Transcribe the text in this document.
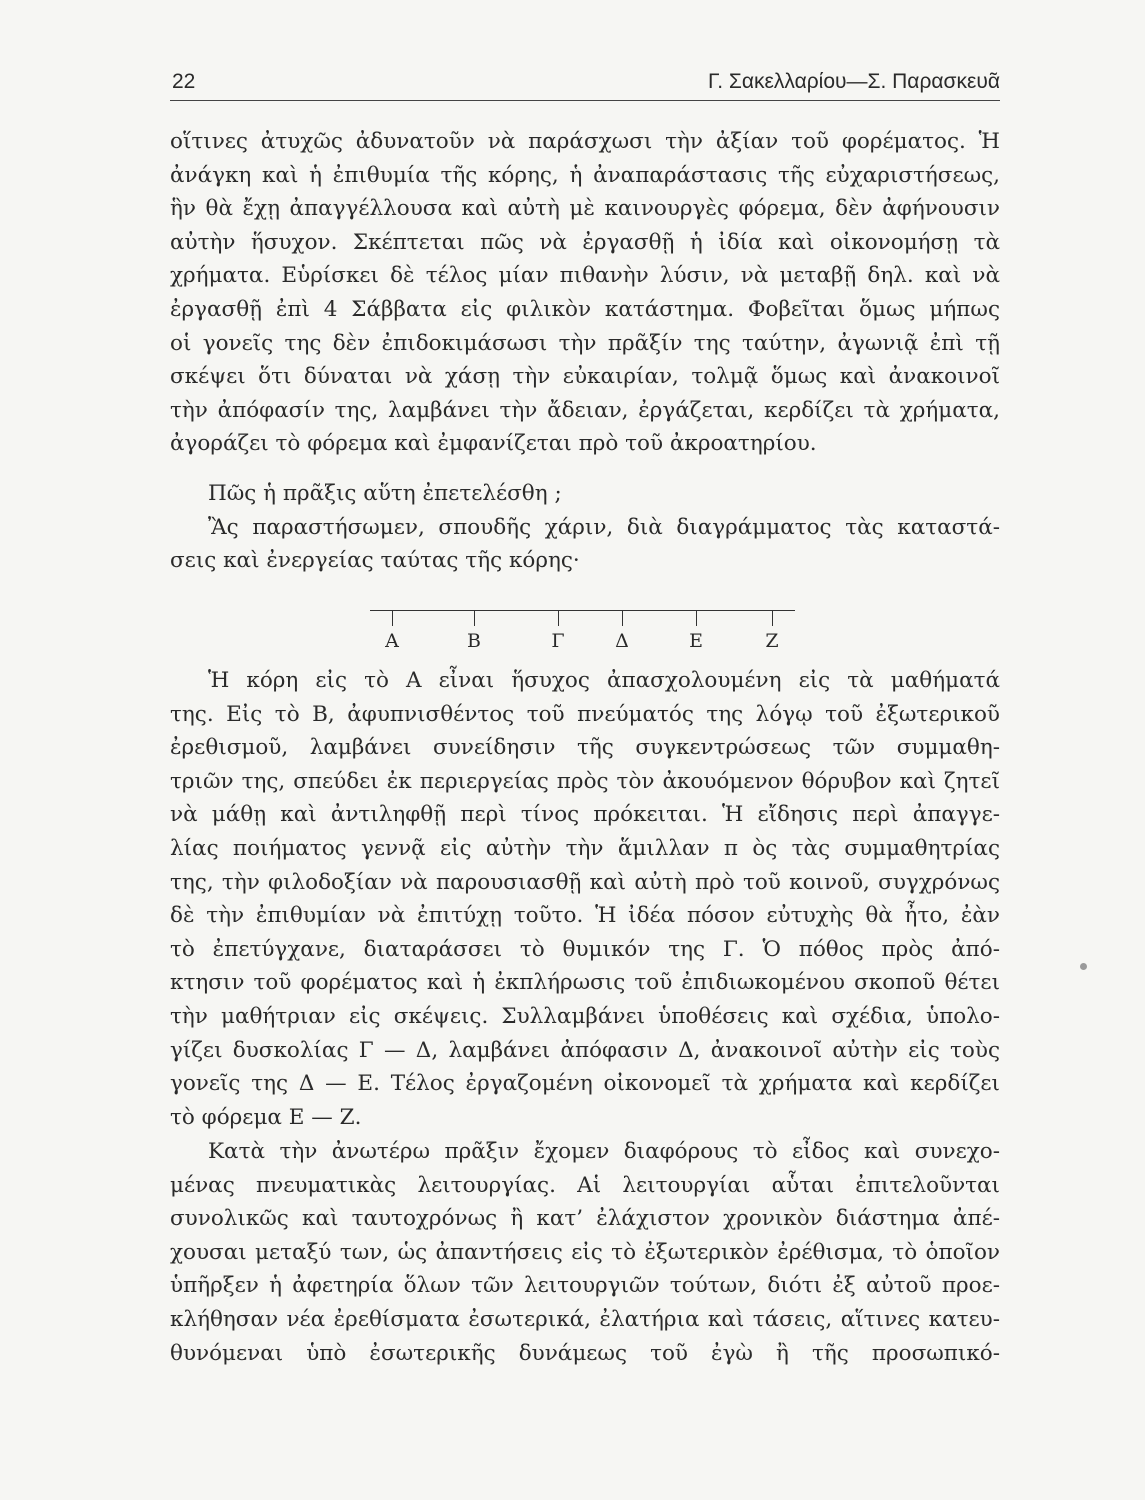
22	Γ. Σακελλαρίου—Σ. Παρασκευᾶ
οἵτινες ἀτυχῶς ἀδυνατοῦν νὰ παράσχωσι τὴν ἀξίαν τοῦ φορέματος. Ἡ
ἀνάγκη καὶ ἡ ἐπιθυμία τῆς κόρης, ἡ ἀναπαράστασις τῆς εὐχαριστήσεως,
ἣν θὰ ἔχῃ ἀπαγγέλλουσα καὶ αὐτὴ μὲ καινουργὲς φόρεμα, δὲν ἀφήνουσιν
αὐτὴν ἥσυχον. Σκέπτεται πῶς νὰ ἐργασθῇ ἡ ἰδία καὶ οἰκονομήσῃ τὰ
χρήματα. Εὑρίσκει δὲ τέλος μίαν πιθανὴν λύσιν, νὰ μεταβῇ δηλ. καὶ νὰ
ἐργασθῇ ἐπὶ 4 Σάββατα εἰς φιλικὸν κατάστημα. Φοβεῖται ὅμως μήπως
οἱ γονεῖς της δὲν ἐπιδοκιμάσωσι τὴν πρᾶξίν της ταύτην, ἀγωνιᾷ ἐπὶ τῇ
σκέψει ὅτι δύναται νὰ χάσῃ τὴν εὐκαιρίαν, τολμᾷ ὅμως καὶ ἀνακοινοῖ
τὴν ἀπόφασίν της, λαμβάνει τὴν ἄδειαν, ἐργάζεται, κερδίζει τὰ χρήματα,
ἀγοράζει τὸ φόρεμα καὶ ἐμφανίζεται πρὸ τοῦ ἀκροατηρίου.
Πῶς ἡ πρᾶξις αὕτη ἐπετελέσθη ;
Ἂς παραστήσωμεν, σπουδῆς χάριν, διὰ διαγράμματος τὰς καταστά-
σεις καὶ ἐνεργείας ταύτας τῆς κόρης·
Α	Β	Γ	Δ	Ε	Ζ
Ἡ κόρη εἰς τὸ Α εἶναι ἥσυχος ἀπασχολουμένη εἰς τὰ μαθήματά
της. Εἰς τὸ Β, ἀφυπνισθέντος τοῦ πνεύματός της λόγῳ τοῦ ἐξωτερικοῦ
ἐρεθισμοῦ, λαμβάνει συνείδησιν τῆς συγκεντρώσεως τῶν συμμαθη-
τριῶν της, σπεύδει ἐκ περιεργείας πρὸς τὸν ἀκουόμενον θόρυβον καὶ ζητεῖ
νὰ μάθῃ καὶ ἀντιληφθῇ περὶ τίνος πρόκειται. Ἡ εἴδησις περὶ ἀπαγγε-
λίας ποιήματος γεννᾷ εἰς αὐτὴν τὴν ἅμιλλαν π ὸς τὰς συμμαθητρίας
της, τὴν φιλοδοξίαν νὰ παρουσιασθῇ καὶ αὐτὴ πρὸ τοῦ κοινοῦ, συγχρόνως
δὲ τὴν ἐπιθυμίαν νὰ ἐπιτύχῃ τοῦτο. Ἡ ἰδέα πόσον εὐτυχὴς θὰ ἦτο, ἐὰν
τὸ ἐπετύγχανε, διαταράσσει τὸ θυμικόν της Γ. Ὁ πόθος πρὸς ἀπό-
κτησιν τοῦ φορέματος καὶ ἡ ἐκπλήρωσις τοῦ ἐπιδιωκομένου σκοποῦ θέτει
τὴν μαθήτριαν εἰς σκέψεις. Συλλαμβάνει ὑποθέσεις καὶ σχέδια, ὑπολο-
γίζει δυσκολίας Γ — Δ, λαμβάνει ἀπόφασιν Δ, ἀνακοινοῖ αὐτὴν εἰς τοὺς
γονεῖς της Δ — Ε. Τέλος ἐργαζομένη οἰκονομεῖ τὰ χρήματα καὶ κερδίζει
τὸ φόρεμα Ε — Ζ.
Κατὰ τὴν ἀνωτέρω πρᾶξιν ἔχομεν διαφόρους τὸ εἶδος καὶ συνεχο-
μένας πνευματικὰς λειτουργίας. Αἱ λειτουργίαι αὗται ἐπιτελοῦνται
συνολικῶς καὶ ταυτοχρόνως ἢ κατ’ ἐλάχιστον χρονικὸν διάστημα ἀπέ-
χουσαι μεταξύ των, ὡς ἀπαντήσεις εἰς τὸ ἐξωτερικὸν ἐρέθισμα, τὸ ὁποῖον
ὑπῆρξεν ἡ ἀφετηρία ὅλων τῶν λειτουργιῶν τούτων, διότι ἐξ αὐτοῦ προε-
κλήθησαν νέα ἐρεθίσματα ἐσωτερικά, ἐλατήρια καὶ τάσεις, αἵτινες κατευ-
θυνόμεναι ὑπὸ ἐσωτερικῆς δυνάμεως τοῦ ἐγὼ ἢ τῆς προσωπικό-
